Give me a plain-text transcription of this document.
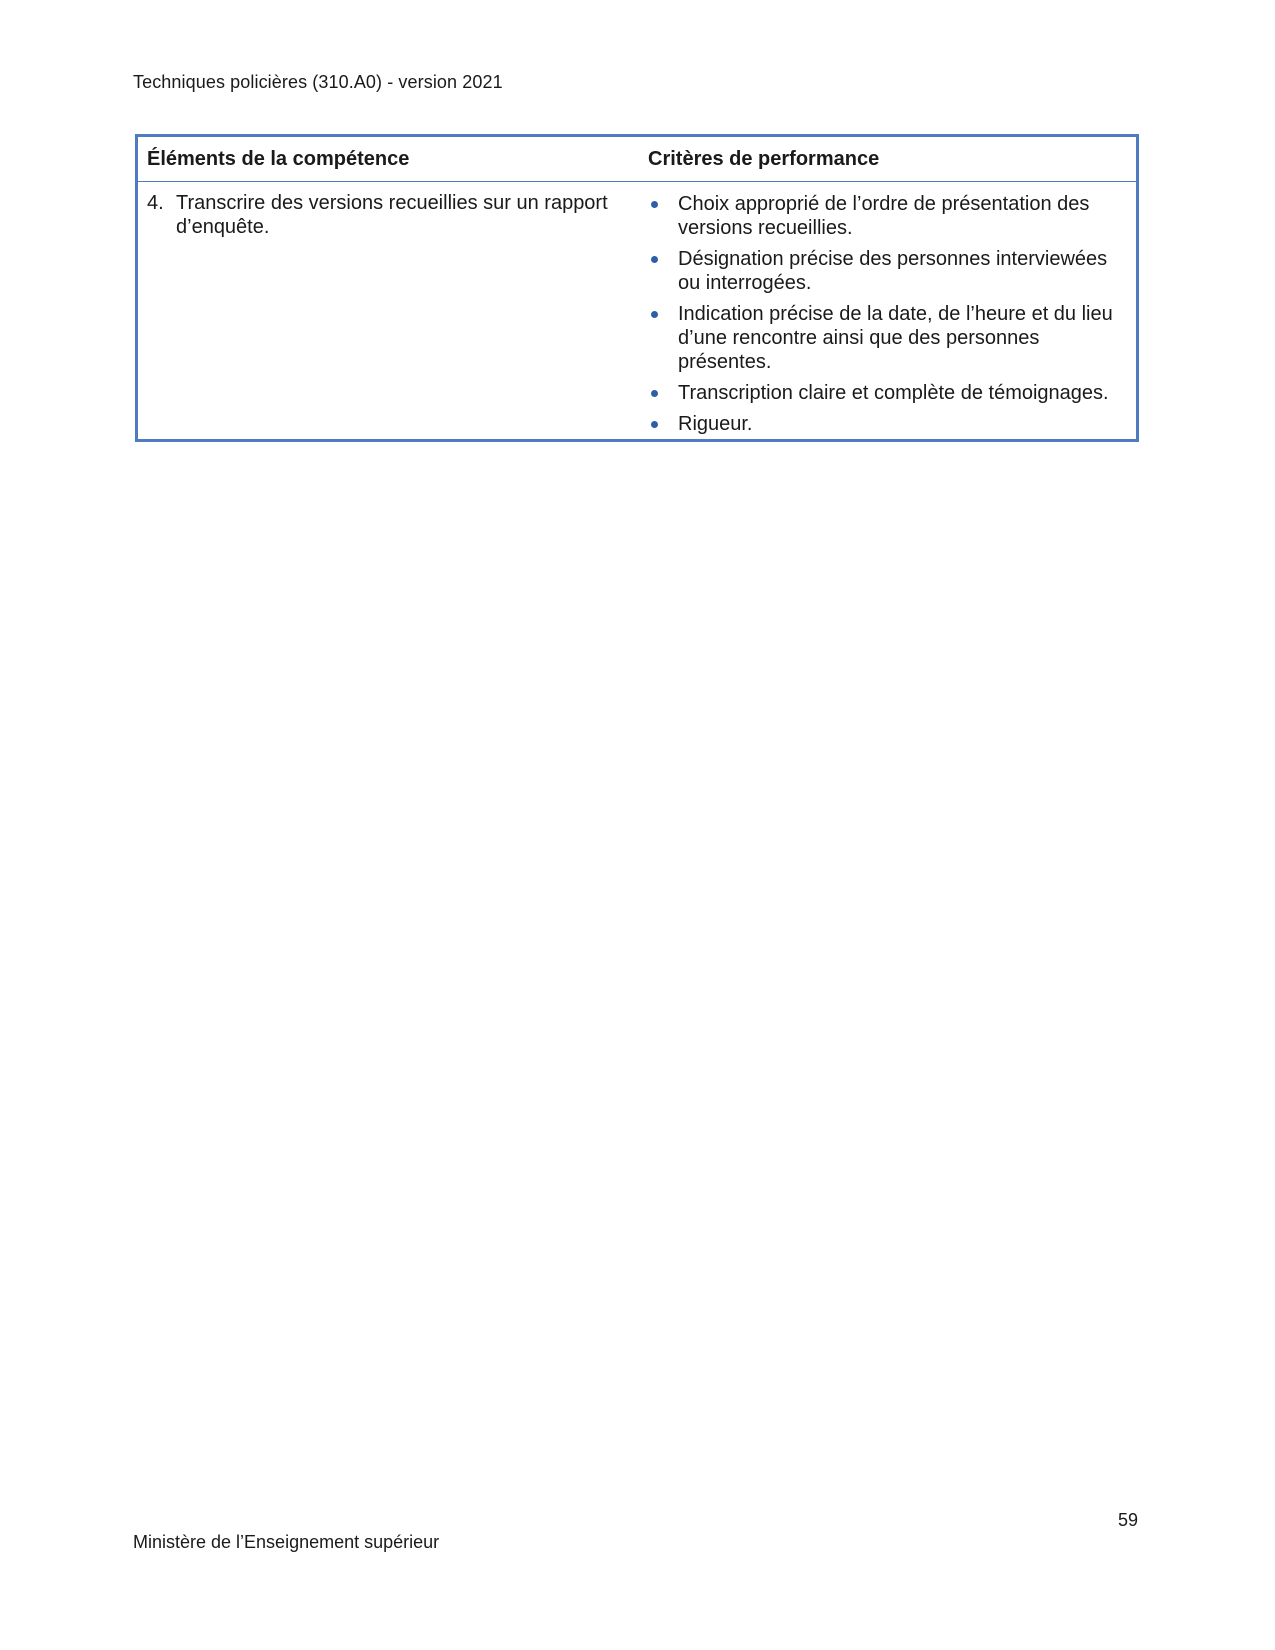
Techniques policières (310.A0) - version 2021
Éléments de la compétence	Critères de performance
4. Transcrire des versions recueillies sur un rapport d’enquête.
Choix approprié de l’ordre de présentation des versions recueillies.
Désignation précise des personnes interviewées ou interrogées.
Indication précise de la date, de l’heure et du lieu d’une rencontre ainsi que des personnes présentes.
Transcription claire et complète de témoignages.
Rigueur.
59
Ministère de l’Enseignement supérieur
